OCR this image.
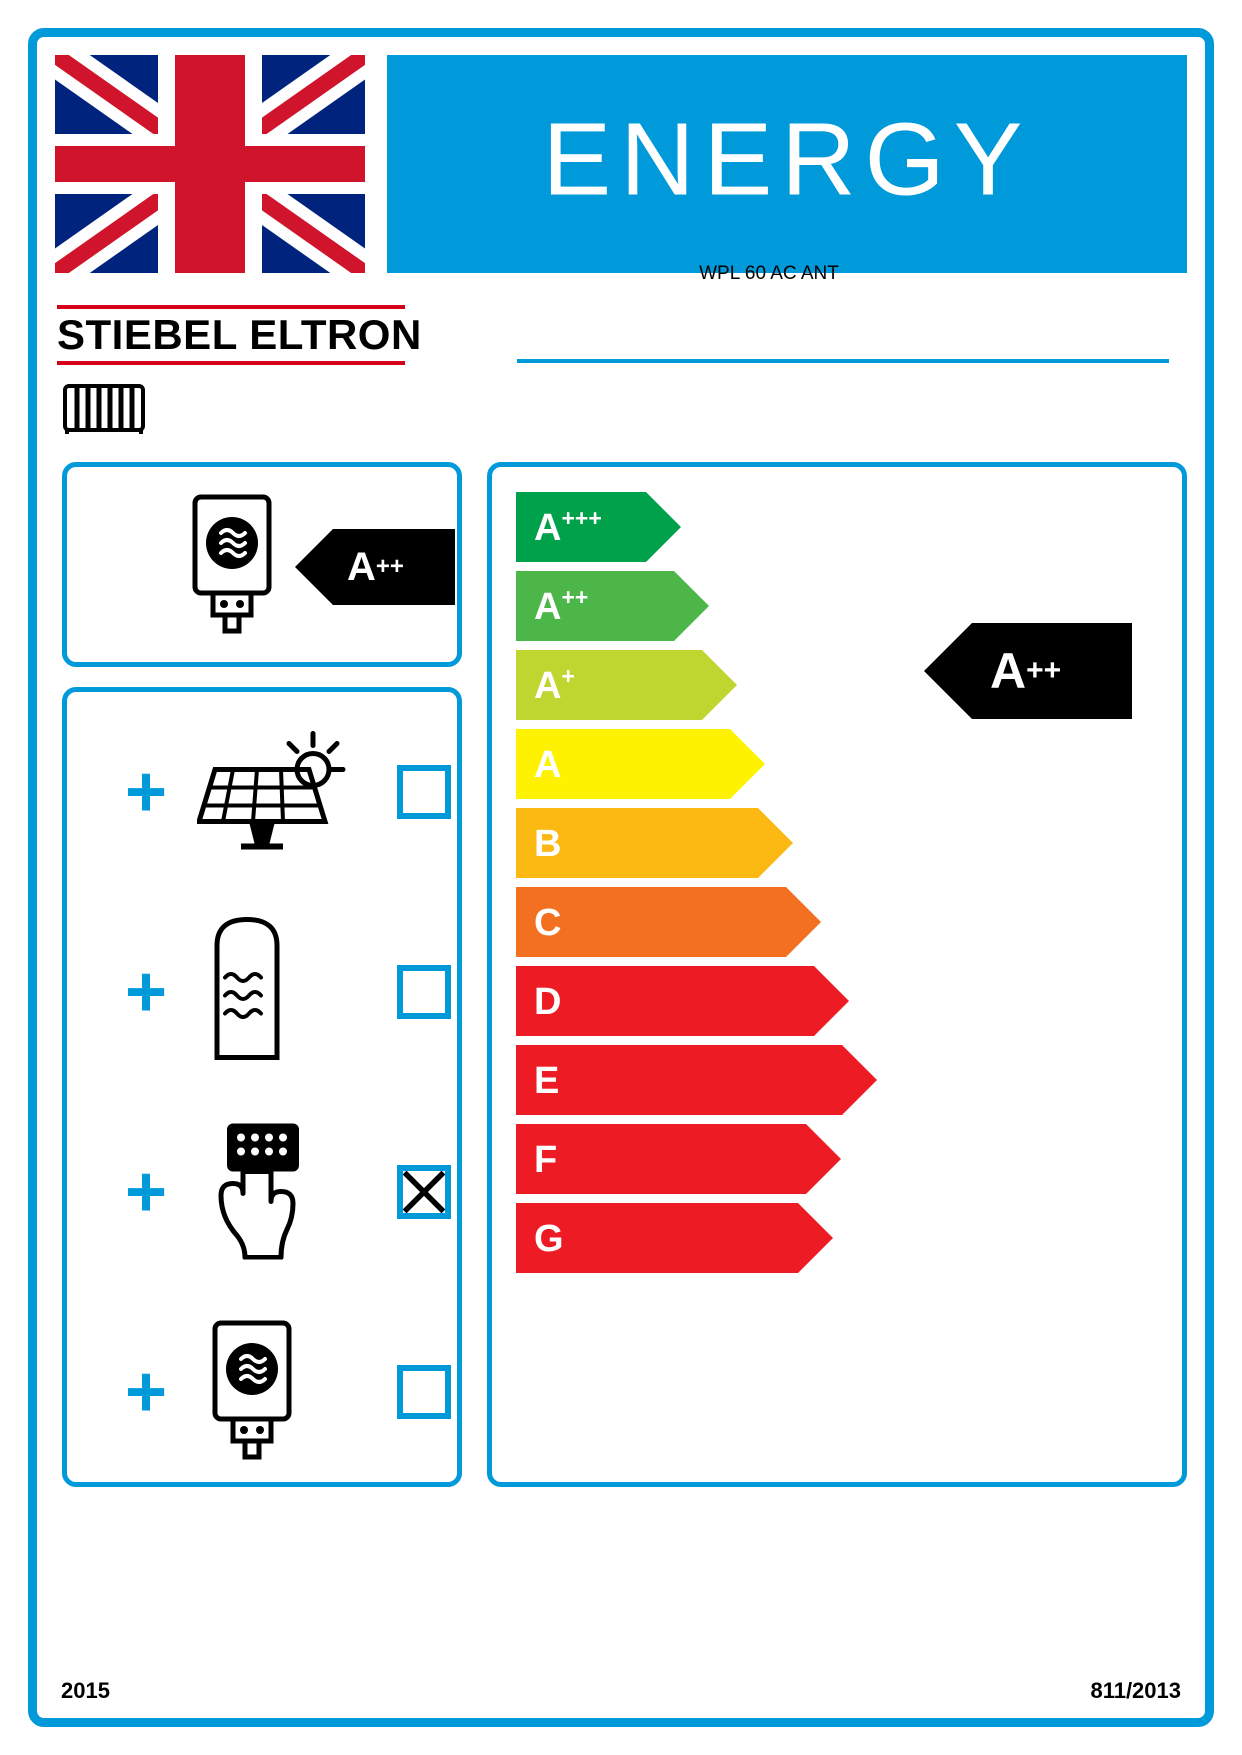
ENERGY
WPL 60 AC ANT
STIEBEL ELTRON
A ++
+
+
+
+
A+++
A++
A+
A
B
C
D
E
F
G
A ++
2015	811/2013
